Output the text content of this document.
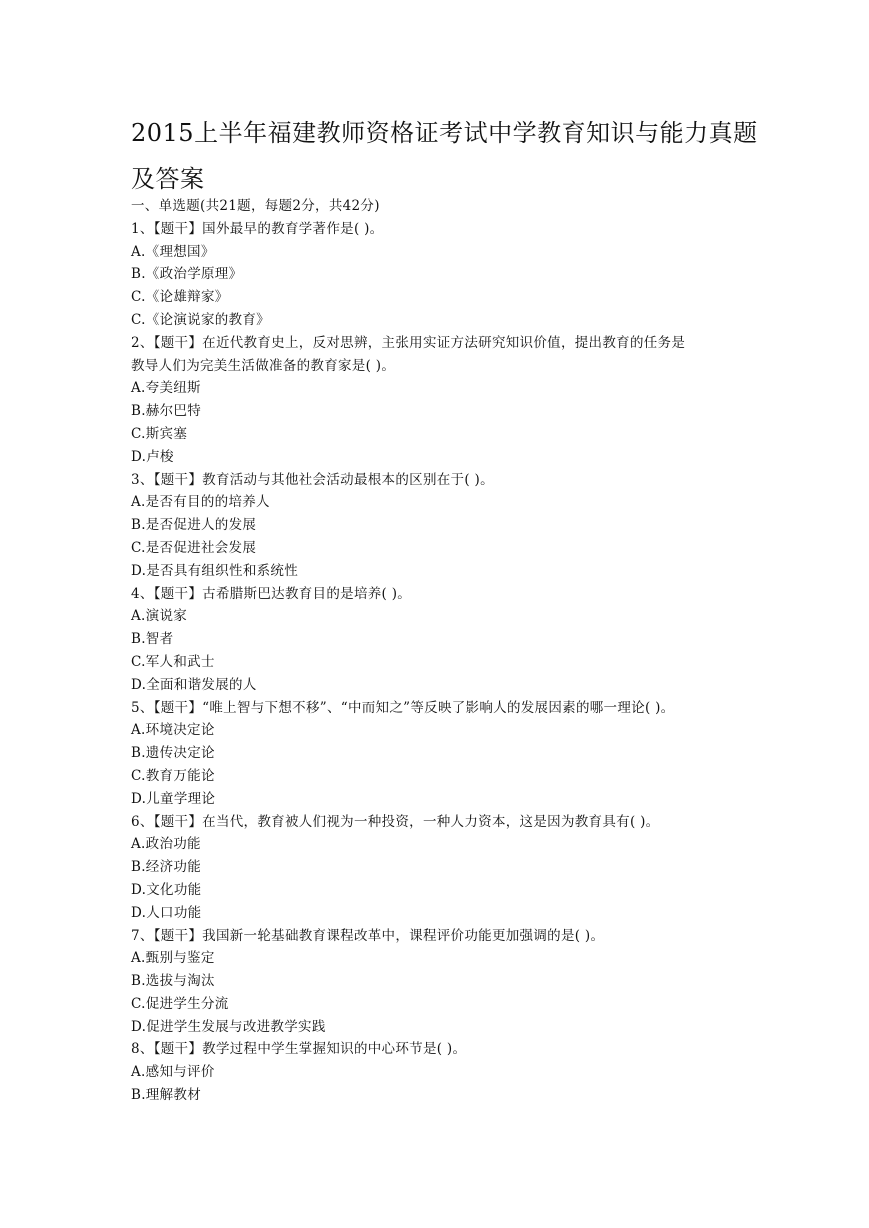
2015上半年福建教师资格证考试中学教育知识与能力真题及答案
一、单选题(共21题，每题2分，共42分)
1、【题干】国外最早的教育学著作是( )。
A.《理想国》
B.《政治学原理》
C.《论雄辩家》
C.《论演说家的教育》
2、【题干】在近代教育史上，反对思辨，主张用实证方法研究知识价值，提出教育的任务是
教导人们为完美生活做准备的教育家是( )。
A.夸美纽斯
B.赫尔巴特
C.斯宾塞
D.卢梭
3、【题干】教育活动与其他社会活动最根本的区别在于( )。
A.是否有目的的培养人
B.是否促进人的发展
C.是否促进社会发展
D.是否具有组织性和系统性
4、【题干】古希腊斯巴达教育目的是培养( )。
A.演说家
B.智者
C.军人和武士
D.全面和谐发展的人
5、【题干】“唯上智与下想不移”、“中而知之”等反映了影响人的发展因素的哪一理论( )。
A.环境决定论
B.遗传决定论
C.教育万能论
D.儿童学理论
6、【题干】在当代，教育被人们视为一种投资，一种人力资本，这是因为教育具有( )。
A.政治功能
B.经济功能
D.文化功能
D.人口功能
7、【题干】我国新一轮基础教育课程改革中，课程评价功能更加强调的是( )。
A.甄别与鉴定
B.选拔与淘汰
C.促进学生分流
D.促进学生发展与改进教学实践
8、【题干】教学过程中学生掌握知识的中心环节是( )。
A.感知与评价
B.理解教材
